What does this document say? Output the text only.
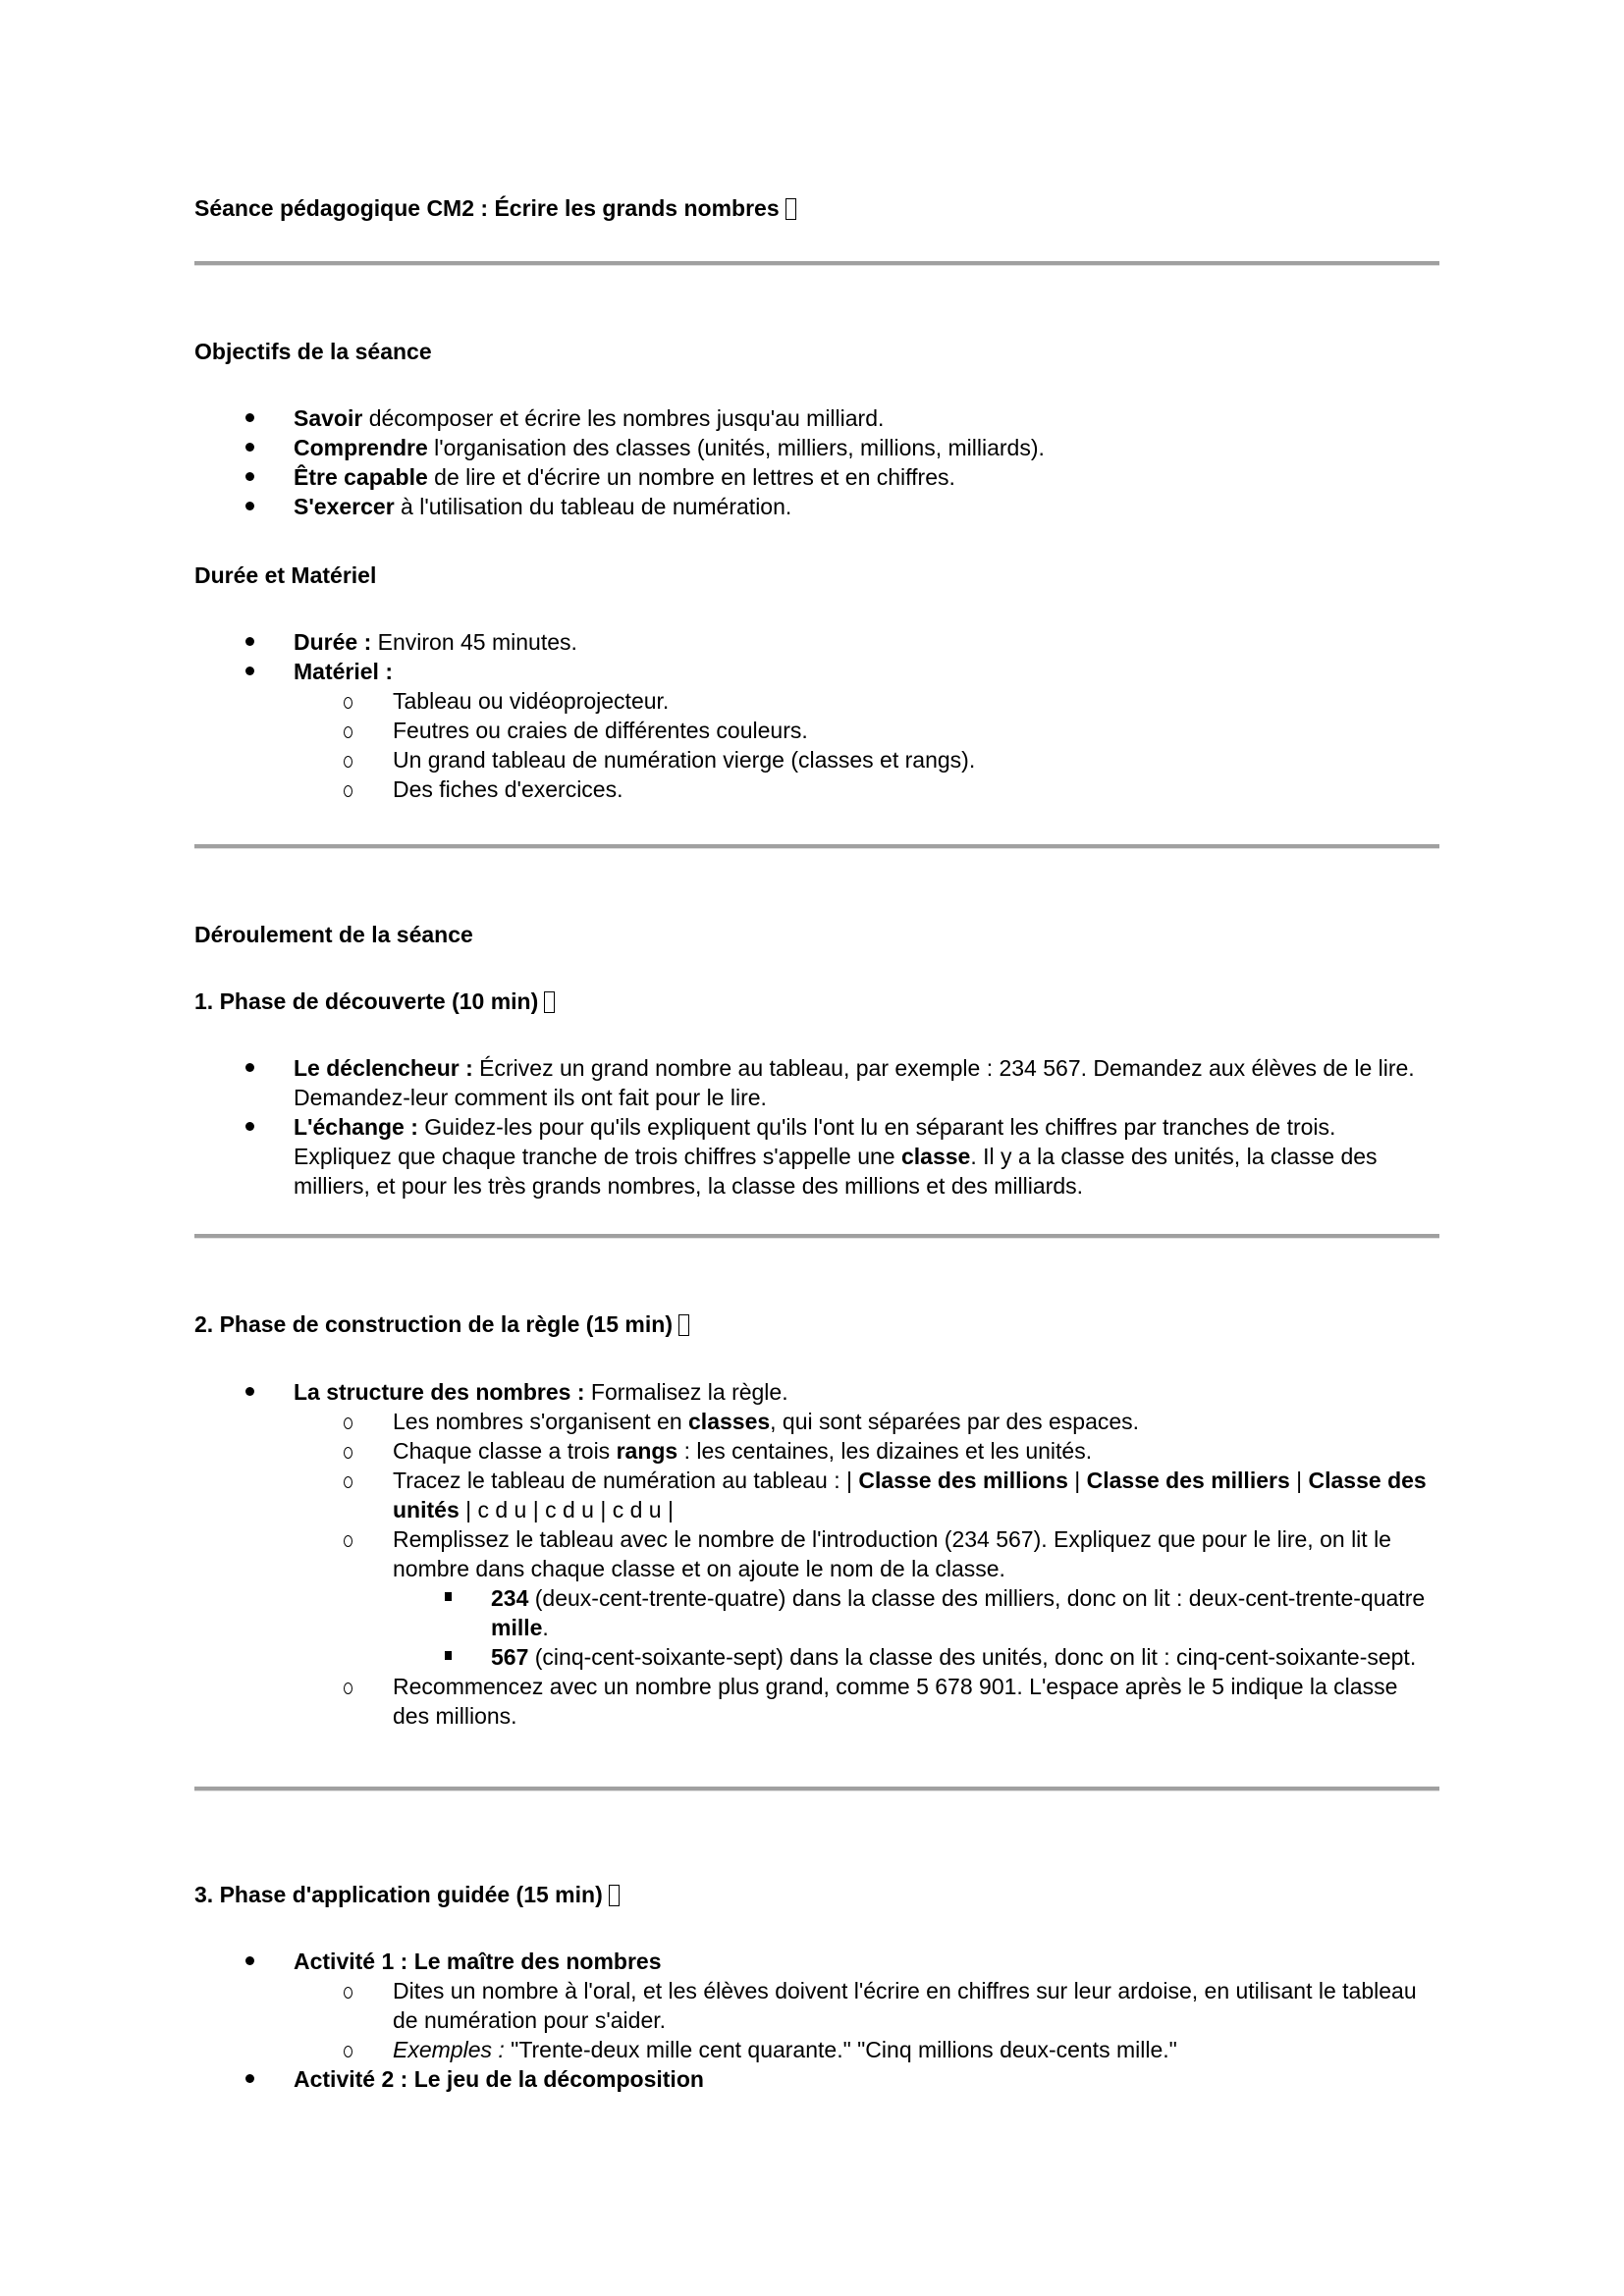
Séance pédagogique CM2 : Écrire les grands nombres
Objectifs de la séance
Savoir décomposer et écrire les nombres jusqu'au milliard.
Comprendre l'organisation des classes (unités, milliers, millions, milliards).
Être capable de lire et d'écrire un nombre en lettres et en chiffres.
S'exercer à l'utilisation du tableau de numération.
Durée et Matériel
Durée : Environ 45 minutes.
Matériel :
Tableau ou vidéoprojecteur.
Feutres ou craies de différentes couleurs.
Un grand tableau de numération vierge (classes et rangs).
Des fiches d'exercices.
Déroulement de la séance
1. Phase de découverte (10 min)
Le déclencheur : Écrivez un grand nombre au tableau, par exemple : 234 567. Demandez aux élèves de le lire. Demandez-leur comment ils ont fait pour le lire.
L'échange : Guidez-les pour qu'ils expliquent qu'ils l'ont lu en séparant les chiffres par tranches de trois. Expliquez que chaque tranche de trois chiffres s'appelle une classe. Il y a la classe des unités, la classe des milliers, et pour les très grands nombres, la classe des millions et des milliards.
2. Phase de construction de la règle (15 min)
La structure des nombres : Formalisez la règle.
Les nombres s'organisent en classes, qui sont séparées par des espaces.
Chaque classe a trois rangs : les centaines, les dizaines et les unités.
Tracez le tableau de numération au tableau : | Classe des millions | Classe des milliers | Classe des unités | c d u | c d u | c d u |
Remplissez le tableau avec le nombre de l'introduction (234 567). Expliquez que pour le lire, on lit le nombre dans chaque classe et on ajoute le nom de la classe.
234 (deux-cent-trente-quatre) dans la classe des milliers, donc on lit : deux-cent-trente-quatre mille.
567 (cinq-cent-soixante-sept) dans la classe des unités, donc on lit : cinq-cent-soixante-sept.
Recommencez avec un nombre plus grand, comme 5 678 901. L'espace après le 5 indique la classe des millions.
3. Phase d'application guidée (15 min)
Activité 1 : Le maître des nombres
Dites un nombre à l'oral, et les élèves doivent l'écrire en chiffres sur leur ardoise, en utilisant le tableau de numération pour s'aider.
Exemples : "Trente-deux mille cent quarante." "Cinq millions deux-cents mille."
Activité 2 : Le jeu de la décomposition
